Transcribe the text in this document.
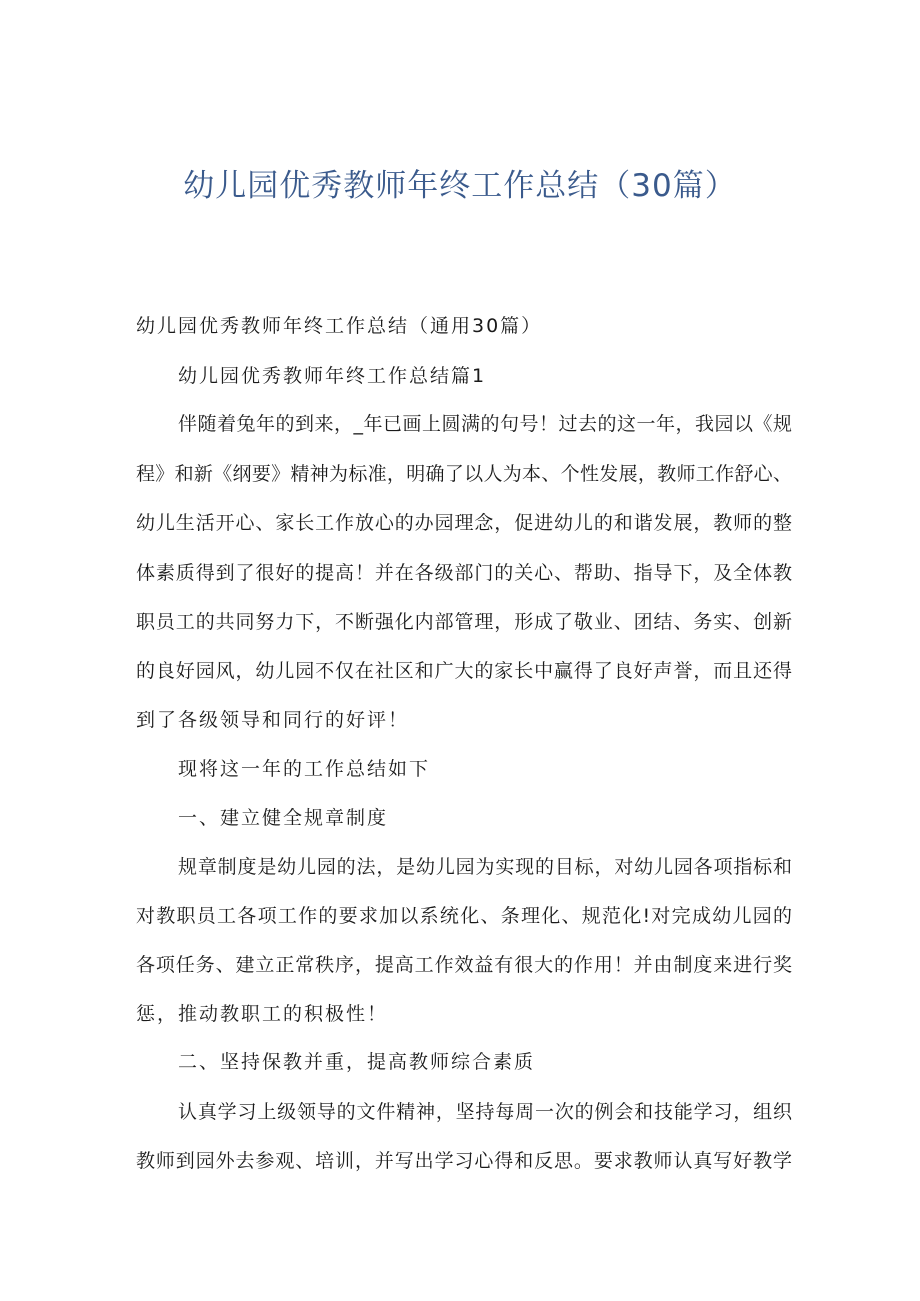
幼儿园优秀教师年终工作总结（30篇）
幼儿园优秀教师年终工作总结（通用30篇）
幼儿园优秀教师年终工作总结篇1
伴随着兔年的到来，_年已画上圆满的句号！过去的这一年，我园以《规
程》和新《纲要》精神为标准，明确了以人为本、个性发展，教师工作舒心、
幼儿生活开心、家长工作放心的办园理念，促进幼儿的和谐发展，教师的整
体素质得到了很好的提高！并在各级部门的关心、帮助、指导下，及全体教
职员工的共同努力下，不断强化内部管理，形成了敬业、团结、务实、创新
的良好园风，幼儿园不仅在社区和广大的家长中赢得了良好声誉，而且还得
到了各级领导和同行的好评！
现将这一年的工作总结如下
一、建立健全规章制度
规章制度是幼儿园的法，是幼儿园为实现的目标，对幼儿园各项指标和
对教职员工各项工作的要求加以系统化、条理化、规范化!对完成幼儿园的
各项任务、建立正常秩序，提高工作效益有很大的作用！并由制度来进行奖
惩，推动教职工的积极性！
二、坚持保教并重，提高教师综合素质
认真学习上级领导的文件精神，坚持每周一次的例会和技能学习，组织
教师到园外去参观、培训，并写出学习心得和反思。要求教师认真写好教学
